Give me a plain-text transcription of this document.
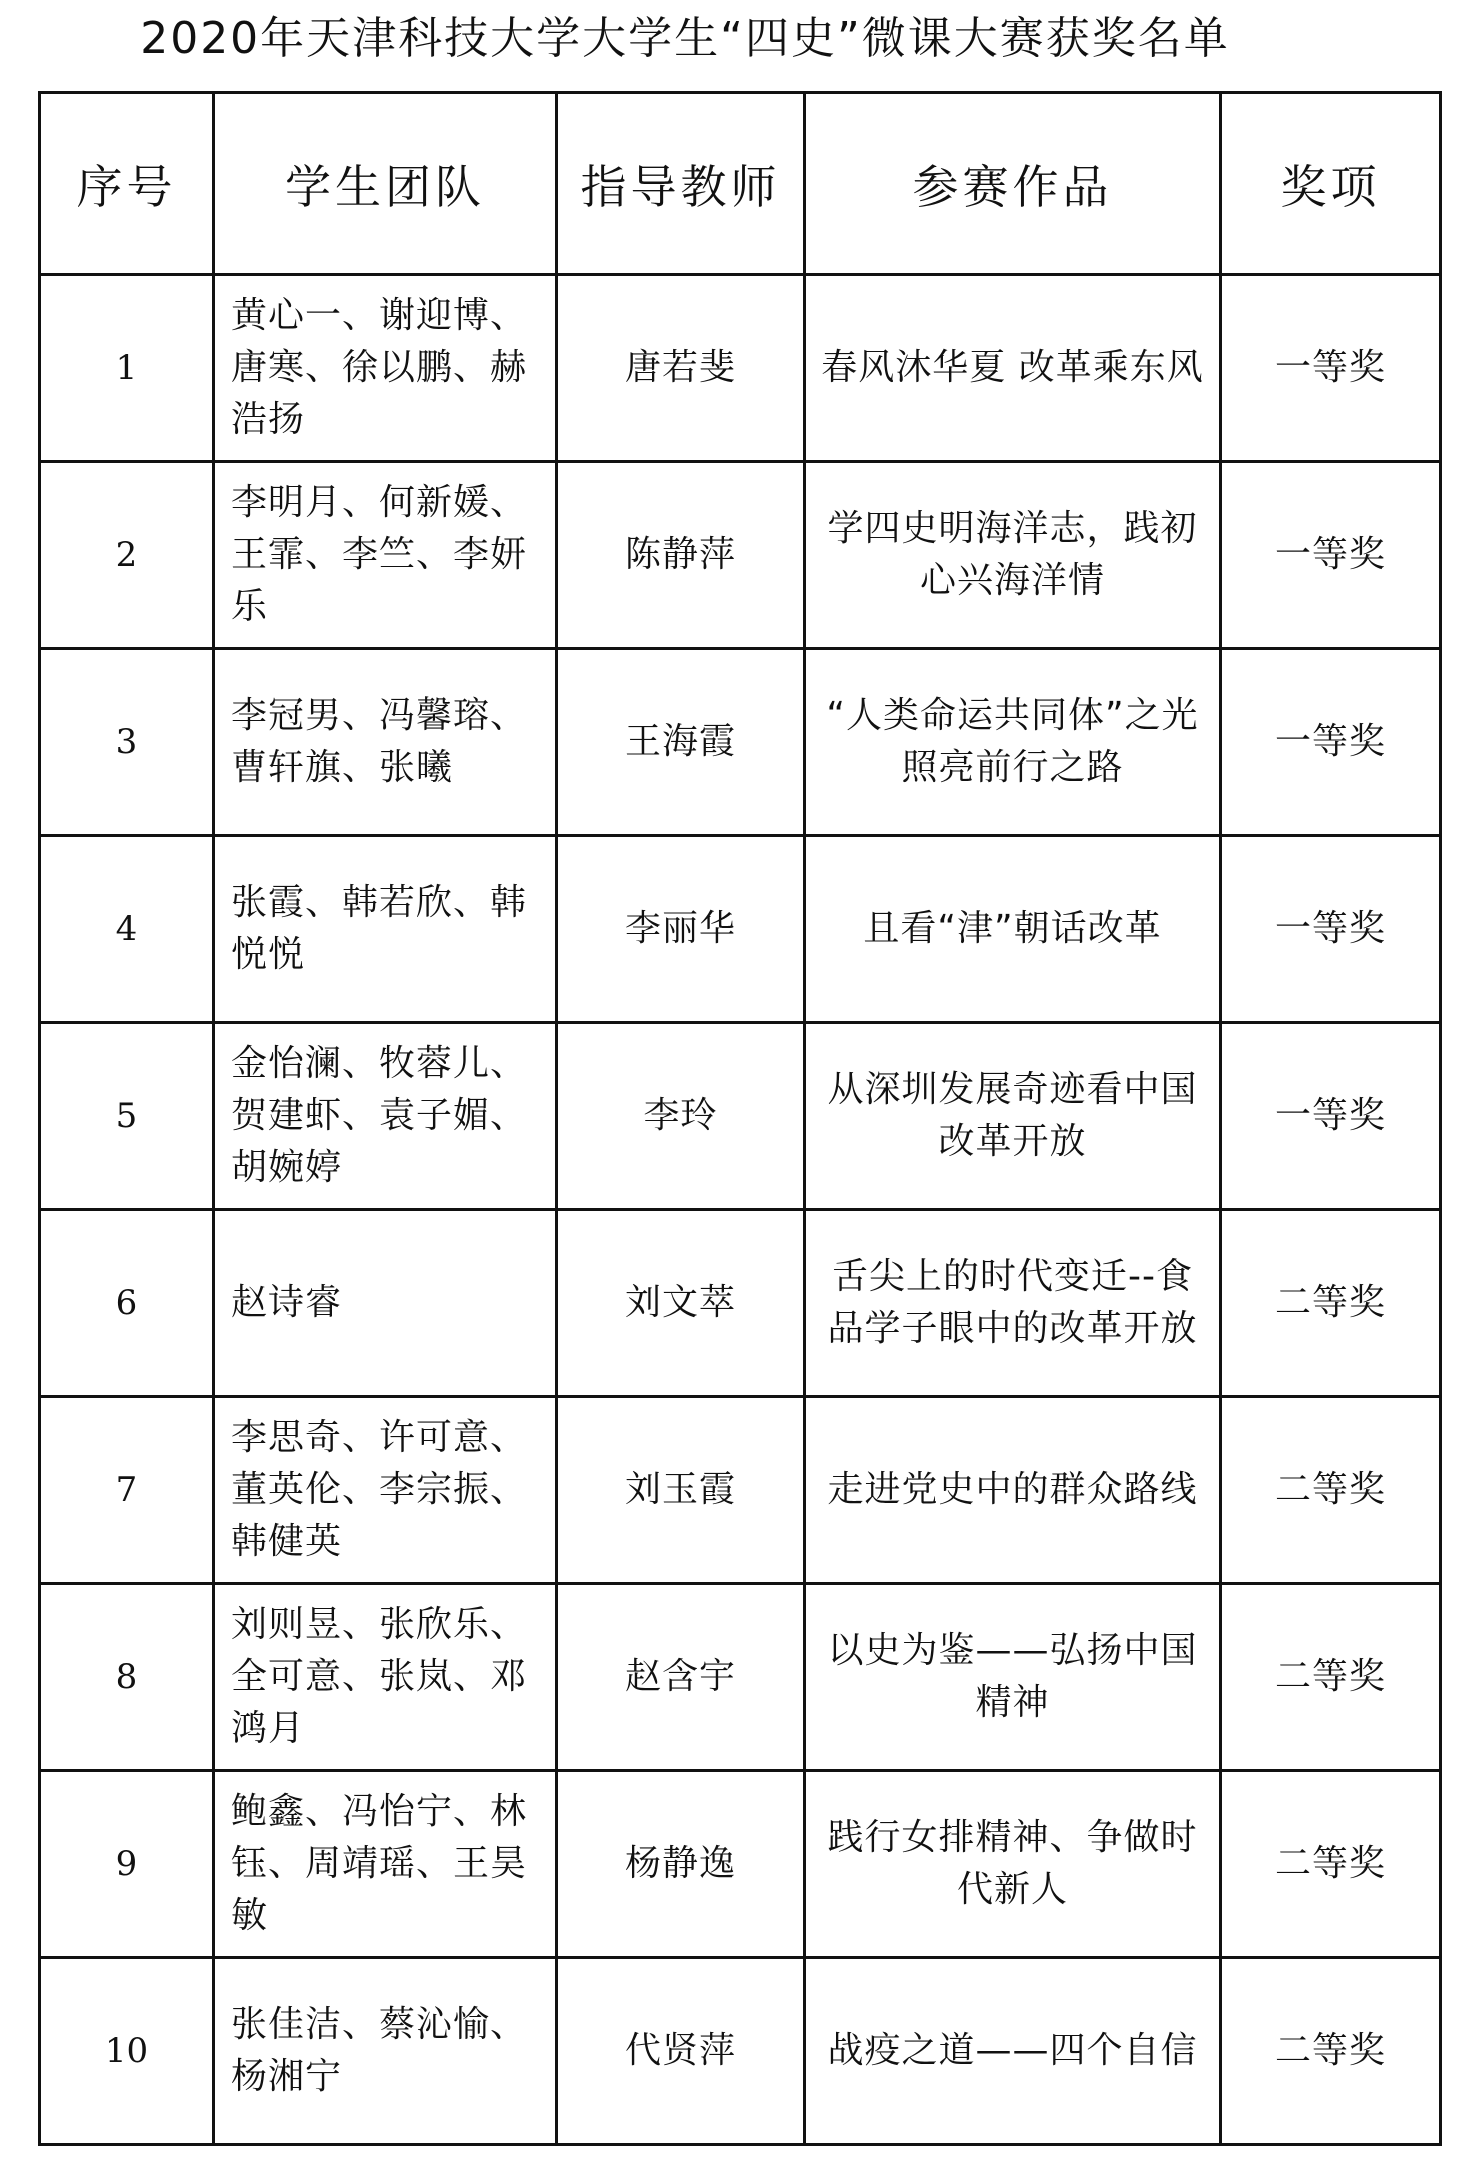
2020年天津科技大学大学生“四史”微课大赛获奖名单
序号	学生团队	指导教师	参赛作品	奖项
1	黄心一、谢迎博、唐寒、徐以鹏、赫浩扬	唐若斐	春风沐华夏 改革乘东风	一等奖
2	李明月、何新媛、王霏、李竺、李妍乐	陈静萍	学四史明海洋志，践初心兴海洋情	一等奖
3	李冠男、冯馨瑢、曹轩旗、张曦	王海霞	“人类命运共同体”之光照亮前行之路	一等奖
4	张霞、韩若欣、韩悦悦	李丽华	且看“津”朝话改革	一等奖
5	金怡澜、牧蓉儿、贺建虾、袁子媚、胡婉婷	李玲	从深圳发展奇迹看中国改革开放	一等奖
6	赵诗睿	刘文萃	舌尖上的时代变迁--食品学子眼中的改革开放	二等奖
7	李思奇、许可意、董英伦、李宗振、韩健英	刘玉霞	走进党史中的群众路线	二等奖
8	刘则昱、张欣乐、全可意、张岚、邓鸿月	赵含宇	以史为鉴——弘扬中国精神	二等奖
9	鲍鑫、冯怡宁、林钰、周靖瑶、王昊敏	杨静逸	践行女排精神、争做时代新人	二等奖
10	张佳洁、蔡沁愉、杨湘宁	代贤萍	战疫之道——四个自信	二等奖
